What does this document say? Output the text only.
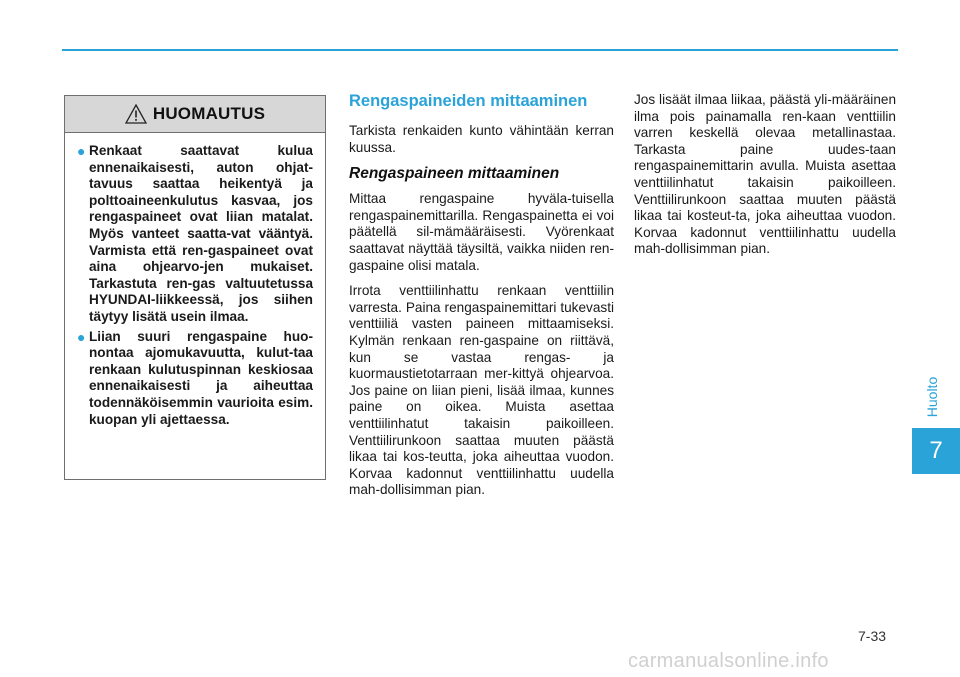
HUOMAUTUS
● Renkaat saattavat kulua ennenaikaisesti, auton ohjat-tavuus saattaa heikentyä ja polttoaineenkulutus kasvaa, jos rengaspaineet ovat liian matalat. Myös vanteet saatta-vat vääntyä. Varmista että ren-gaspaineet ovat aina ohjearvo-jen mukaiset. Tarkastuta ren-gas valtuutetussa HYUNDAI-liikkeessä, jos siihen täytyy lisätä usein ilmaa.
● Liian suuri rengaspaine huo-nontaa ajomukavuutta, kulut-taa renkaan kulutuspinnan keskiosaa ennenaikaisesti ja aiheuttaa todennäköisemmin vaurioita esim. kuopan yli ajettaessa.
Rengaspaineiden mittaaminen

Tarkista renkaiden kunto vähintään kerran kuussa.

Rengaspaineen mittaaminen

Mittaa rengaspaine hyväla-tuisella rengaspainemittarilla. Rengaspainetta ei voi päätellä sil-mämääräisesti. Vyörenkaat saattavat näyttää täysiltä, vaikka niiden ren-gaspaine olisi matala.

Irrota venttiilinhattu renkaan venttiilin varresta. Paina rengaspainemittari tukevasti venttiiliä vasten paineen mittaamiseksi. Kylmän renkaan ren-gaspaine on riittävä, kun se vastaa rengas- ja kuormaustietotarraan mer-kittyä ohjearvoa. Jos paine on liian pieni, lisää ilmaa, kunnes paine on oikea. Muista asettaa venttiilinhatut takaisin paikoilleen. Venttiilirunkoon saattaa muuten päästä likaa tai kos-teutta, joka aiheuttaa vuodon. Korvaa kadonnut venttiilinhattu uudella mah-dollisimman pian.

Jos lisäät ilmaa liikaa, päästä yli-määräinen ilma pois painamalla ren-kaan venttiilin varren keskellä olevaa metallinastaa. Tarkasta paine uudes-taan rengaspainemittarin avulla. Muista asettaa venttiilinhatut takaisin paikoilleen. Venttiilirunkoon saattaa muuten päästä likaa tai kosteut-ta, joka aiheuttaa vuodon. Korvaa kadonnut venttiilinhattu uudella mah-dollisimman pian.

Huolto
7
7-33
carmanualsonline.info
